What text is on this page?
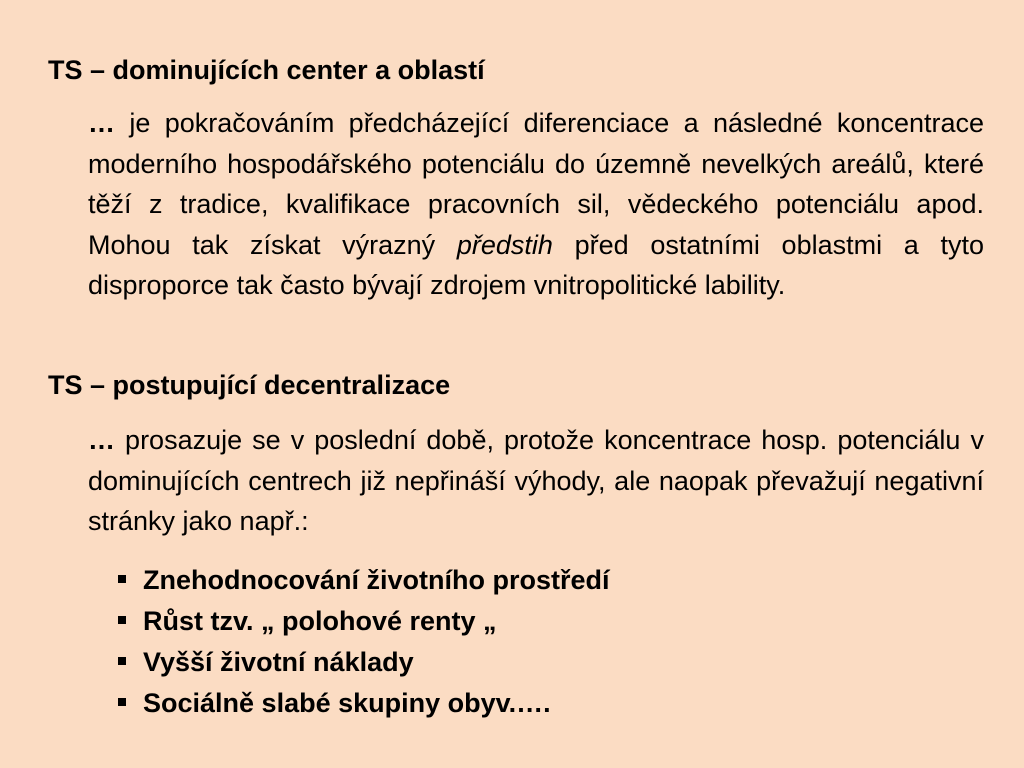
TS – dominujících center a oblastí

… je pokračováním předcházející diferenciace a následné koncentrace moderního hospodářského potenciálu do územně nevelkých areálů, které těží z tradice, kvalifikace pracovních sil, vědeckého potenciálu apod. Mohou tak získat výrazný předstih před ostatními oblastmi a tyto disproporce tak často bývají zdrojem vnitropolitické lability.

TS – postupující decentralizace

… prosazuje se v poslední době, protože koncentrace hosp. potenciálu v dominujících centrech již nepřináší výhody, ale naopak převažují negativní stránky jako např.:

Znehodnocování životního prostředí
Růst tzv. „ polohové renty „
Vyšší životní náklady
Sociálně slabé skupiny obyv.….
